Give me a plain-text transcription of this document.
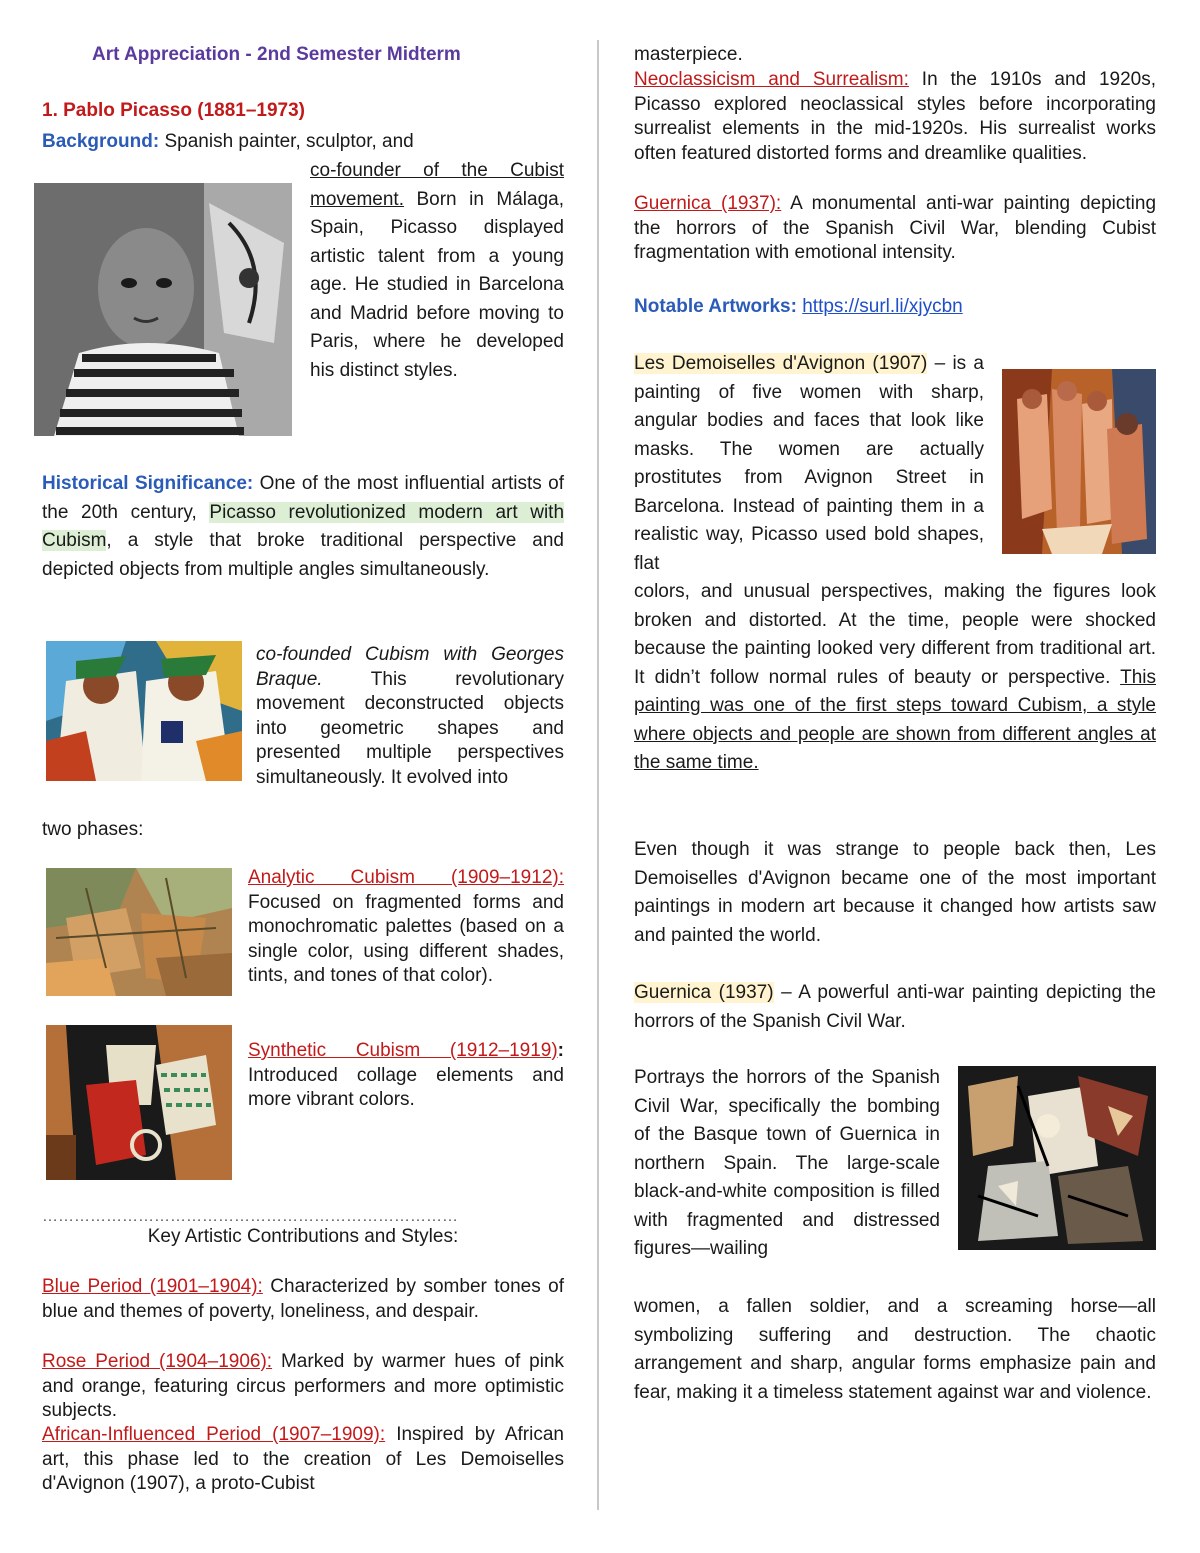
Art Appreciation - 2nd Semester Midterm
1. Pablo Picasso (1881–1973)
Background: Spanish painter, sculptor, and
co-founder of the Cubist movement. Born in Málaga, Spain, Picasso displayed artistic talent from a young age. He studied in Barcelona and Madrid before moving to Paris, where he developed his distinct styles.
Historical Significance: One of the most influential artists of the 20th century, Picasso revolutionized modern art with Cubism, a style that broke traditional perspective and depicted objects from multiple angles simultaneously.
co-founded Cubism with Georges Braque.	This revolutionary movement deconstructed objects into geometric shapes and presented multiple perspectives simultaneously. It evolved into
two phases:
Analytic Cubism (1909–1912): Focused on fragmented forms and monochromatic palettes (based on a single color, using different shades, tints, and tones of that color).
Synthetic Cubism (1912–1919): Introduced collage elements and more vibrant colors.
……………………………………………………………………
Key Artistic Contributions and Styles:
Blue Period (1901–1904): Characterized by somber tones of blue and themes of poverty, loneliness, and despair.
Rose Period (1904–1906): Marked by warmer hues of pink and orange, featuring circus performers and more optimistic subjects.
African-Influenced Period (1907–1909): Inspired by African art, this phase led to the creation of Les Demoiselles d'Avignon (1907), a proto-Cubist
masterpiece.
Neoclassicism and Surrealism: In the 1910s and 1920s, Picasso explored neoclassical styles before incorporating surrealist elements in the mid-1920s. His surrealist works often featured distorted forms and dreamlike qualities.
Guernica (1937): A monumental anti-war painting depicting the horrors of the Spanish Civil War, blending Cubist fragmentation with emotional intensity.
Notable Artworks: https://surl.li/xjycbn
Les Demoiselles d'Avignon (1907) – is a painting of five women with sharp, angular bodies and faces that look like masks. The women are actually prostitutes from Avignon Street in Barcelona. Instead of painting them in a realistic way, Picasso used bold shapes, flat
colors, and unusual perspectives, making the figures look broken and distorted. At the time, people were shocked because the painting looked very different from traditional art. It didn’t follow normal rules of beauty or perspective. This painting was one of the first steps toward Cubism, a style where objects and people are shown from different angles at the same time.
Even though it was strange to people back then, Les Demoiselles d'Avignon became one of the most important paintings in modern art because it changed how artists saw and painted the world.
Guernica (1937) – A powerful anti-war painting depicting the horrors of the Spanish Civil War.
Portrays the horrors of the Spanish Civil War, specifically the bombing of the Basque town of Guernica in northern Spain. The large-scale black-and-white composition is filled with fragmented and distressed figures—wailing
women, a fallen soldier, and a screaming horse—all symbolizing suffering and destruction. The chaotic arrangement and sharp, angular forms emphasize pain and fear, making it a timeless statement against war and violence.
